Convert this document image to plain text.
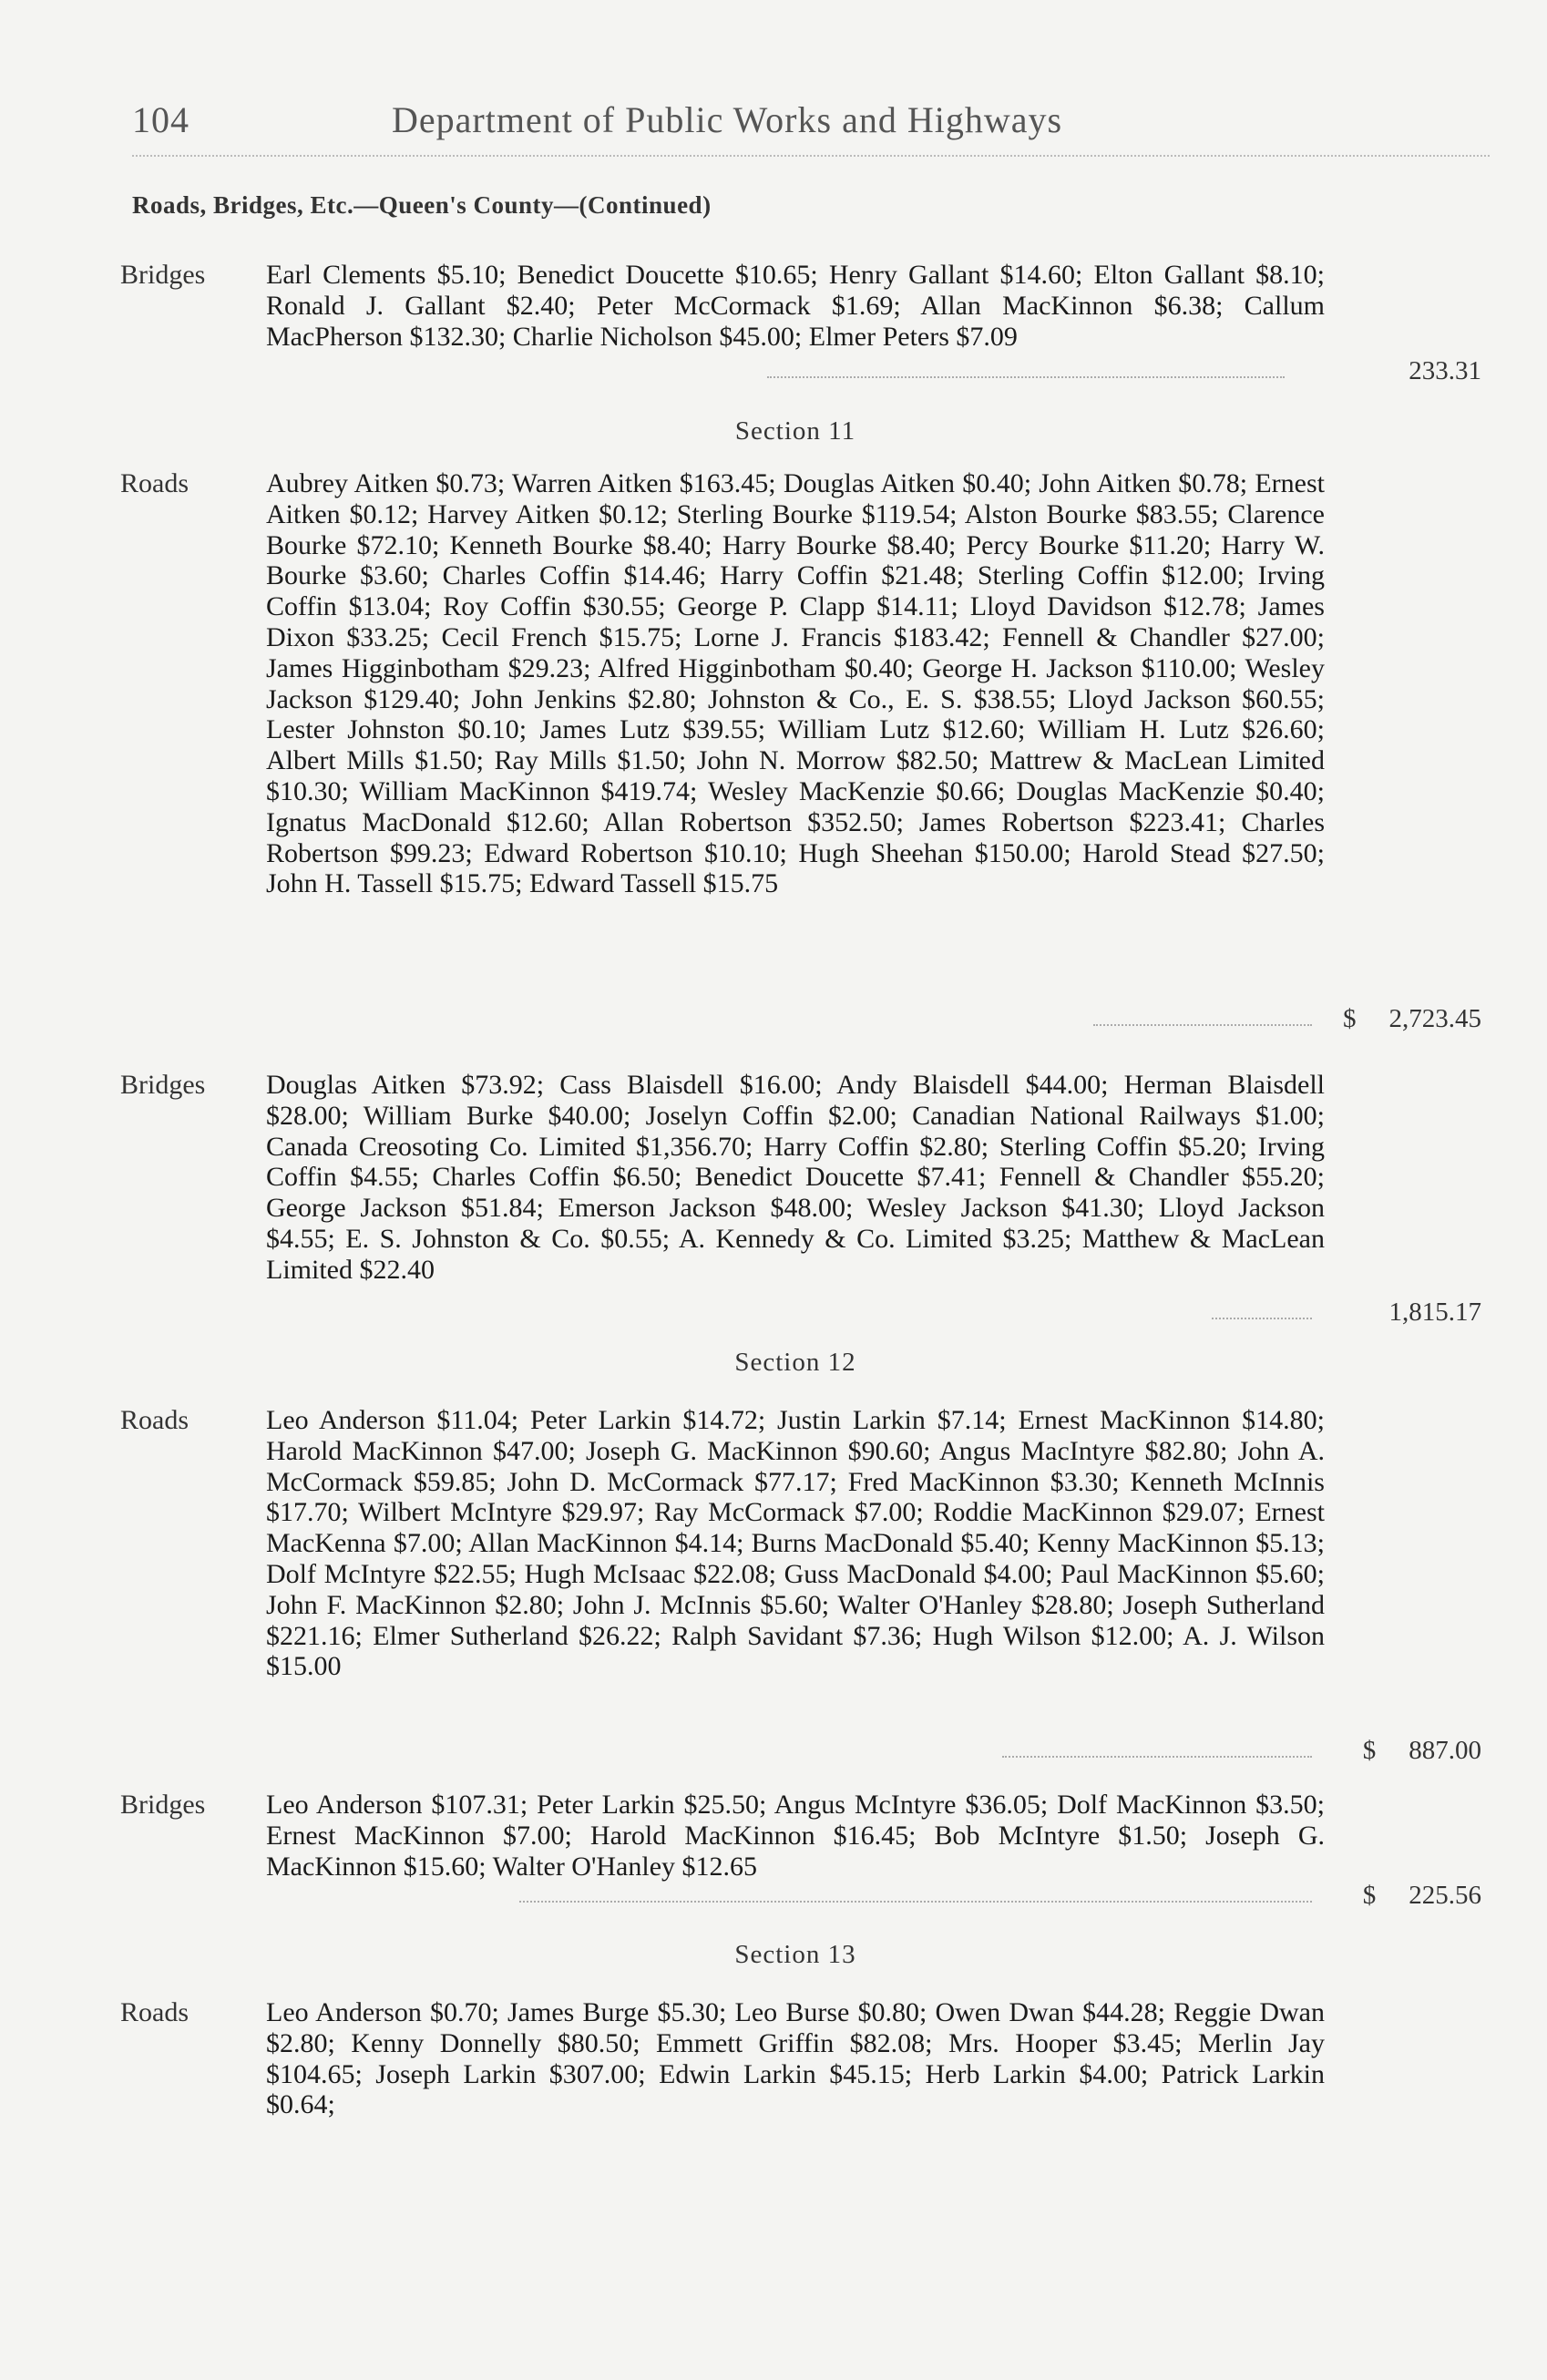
104	Department of Public Works and Highways
Roads, Bridges, Etc.—Queen's County—(Continued)
Bridges Earl Clements $5.10; Benedict Doucette $10.65; Henry Gallant $14.60; Elton Gallant $8.10; Ronald J. Gallant $2.40; Peter McCormack $1.69; Allan MacKinnon $6.38; Callum MacPherson $132.30; Charlie Nicholson $45.00; Elmer Peters $7.09
233.31
Section 11
Roads	Aubrey Aitken $0.73; Warren Aitken $163.45; Douglas Aitken $0.40; John Aitken $0.78; Ernest Aitken $0.12; Harvey Aitken $0.12; Sterling Bourke $119.54; Alston Bourke $83.55; Clarence Bourke $72.10; Kenneth Bourke $8.40; Harry Bourke $8.40; Percy Bourke $11.20; Harry W. Bourke $3.60; Charles Coffin $14.46; Harry Coffin $21.48; Sterling Coffin $12.00; Irving Coffin $13.04; Roy Coffin $30.55; George P. Clapp $14.11; Lloyd Davidson $12.78; James Dixon $33.25; Cecil French $15.75; Lorne J. Francis $183.42; Fennell & Chandler $27.00; James Higginbotham $29.23; Alfred Higginbotham $0.40; George H. Jackson $110.00; Wesley Jackson $129.40; John Jenkins $2.80; Johnston & Co., E. S. $38.55; Lloyd Jackson $60.55; Lester Johnston $0.10; James Lutz $39.55; William Lutz $12.60; William H. Lutz $26.60; Albert Mills $1.50; Ray Mills $1.50; John N. Morrow $82.50; Mattrew & MacLean Limited $10.30; William MacKinnon $419.74; Wesley MacKenzie $0.66; Douglas MacKenzie $0.40; Ignatus MacDonald $12.60; Allan Robertson $352.50; James Robertson $223.41; Charles Robertson $99.23; Edward Robertson $10.10; Hugh Sheehan $150.00; Harold Stead $27.50; John H. Tassell $15.75; Edward Tassell $15.75
$ 2,723.45
Bridges Douglas Aitken $73.92; Cass Blaisdell $16.00; Andy Blaisdell $44.00; Herman Blaisdell $28.00; William Burke $40.00; Joselyn Coffin $2.00; Canadian National Railways $1.00; Canada Creosoting Co. Limited $1,356.70; Harry Coffin $2.80; Sterling Coffin $5.20; Irving Coffin $4.55; Charles Coffin $6.50; Benedict Doucette $7.41; Fennell & Chandler $55.20; George Jackson $51.84; Emerson Jackson $48.00; Wesley Jackson $41.30; Lloyd Jackson $4.55; E. S. Johnston & Co. $0.55; A. Kennedy & Co. Limited $3.25; Matthew & MacLean Limited $22.40
1,815.17
Section 12
Roads	Leo Anderson $11.04; Peter Larkin $14.72; Justin Larkin $7.14; Ernest MacKinnon $14.80; Harold MacKinnon $47.00; Joseph G. MacKinnon $90.60; Angus MacIntyre $82.80; John A. McCormack $59.85; John D. McCormack $77.17; Fred MacKinnon $3.30; Kenneth McInnis $17.70; Wilbert McIntyre $29.97; Ray McCormack $7.00; Roddie MacKinnon $29.07; Ernest MacKenna $7.00; Allan MacKinnon $4.14; Burns MacDonald $5.40; Kenny MacKinnon $5.13; Dolf McIntyre $22.55; Hugh McIsaac $22.08; Guss MacDonald $4.00; Paul MacKinnon $5.60; John F. MacKinnon $2.80; John J. McInnis $5.60; Walter O'Hanley $28.80; Joseph Sutherland $221.16; Elmer Sutherland $26.22; Ralph Savidant $7.36; Hugh Wilson $12.00; A. J. Wilson $15.00
$ 887.00
Bridges Leo Anderson $107.31; Peter Larkin $25.50; Angus McIntyre $36.05; Dolf MacKinnon $3.50; Ernest MacKinnon $7.00; Harold MacKinnon $16.45; Bob McIntyre $1.50; Joseph G. MacKinnon $15.60; Walter O'Hanley $12.65
$ 225.56
Section 13
Roads	Leo Anderson $0.70; James Burge $5.30; Leo Burse $0.80; Owen Dwan $44.28; Reggie Dwan $2.80; Kenny Donnelly $80.50; Emmett Griffin $82.08; Mrs. Hooper $3.45; Merlin Jay $104.65; Joseph Larkin $307.00; Edwin Larkin $45.15; Herb Larkin $4.00; Patrick Larkin $0.64;
